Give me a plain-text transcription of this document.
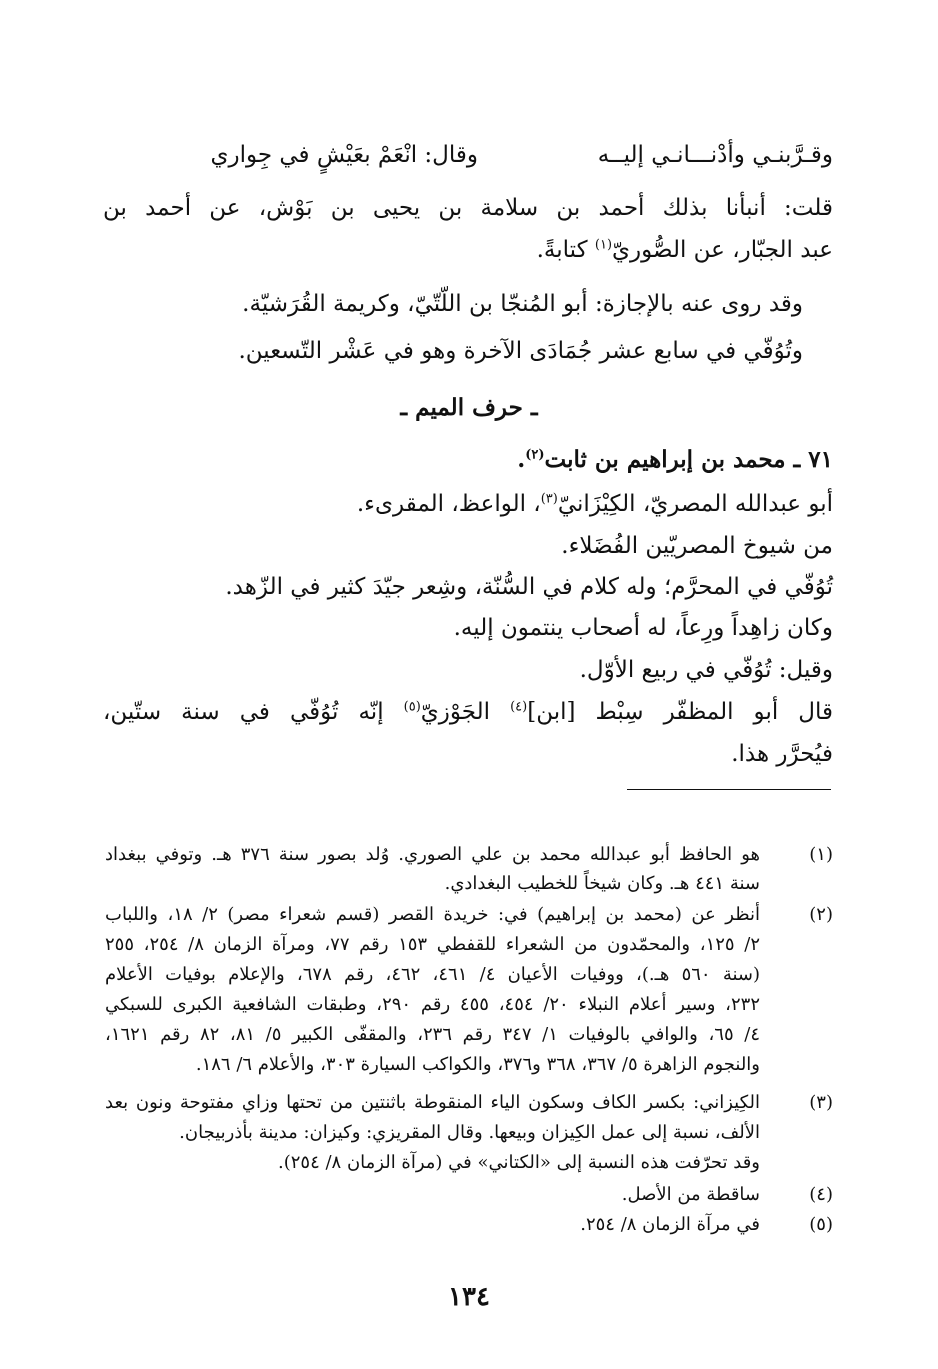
وقـرَّبنـي وأدْنـــانـي إليــه
وقال: انْعَمْ بعَيْشٍ في جِواري
قلت: أنبأنا بذلك أحمد بن سلامة بن يحيى بن بَوْش، عن أحمد بن
عبد الجبّار، عن الصُّوريّ$^{(١)}$ كتابةً.
وقد روى عنه بالإجازة: أبو المُنجّا بن اللّتّيّ، وكريمة القُرَشيّة.
وتُوُفّي في سابع عشر جُمَادَى الآخرة وهو في عَشْر التّسعين.
ـ حرف الميم ـ
٧١ ـ محمد بن إبراهيم بن ثابت$^{(٢)}$.
أبو عبدالله المصريّ، الكِيْزَانيّ$^{(٣)}$، الواعظ، المقرىء.
من شيوخ المصريّين الفُضَلاء.
تُوُفّي في المحرَّم؛ وله كلام في السُّنّة، وشِعر جيّدَ كثير في الزّهد.
وكان زاهِداً ورِعاً، له أصحاب ينتمون إليه.
وقيل: تُوُفّي في ربيع الأوّل.
قال أبو المظفّر سِبْط [ابن]$^{(٤)}$ الجَوْزيّ$^{(٥)}$ إنّه تُوُفّي في سنة ستّين،
فيُحرَّر هذا.
(١)
هو الحافظ أبو عبدالله محمد بن علي الصوري. وُلد بصور سنة ٣٧٦ هـ. وتوفي ببغداد
سنة ٤٤١ هـ. وكان شيخاً للخطيب البغدادي.
(٢)
أنظر عن (محمد بن إبراهيم) في: خريدة القصر (قسم شعراء مصر) ٢/ ١٨، واللباب
٢/ ١٢٥، والمحمّدون من الشعراء للقفطي ١٥٣ رقم ٧٧، ومرآة الزمان ٨/ ٢٥٤، ٢٥٥
(سنة ٥٦٠ هـ.)، ووفيات الأعيان ٤/ ٤٦١، ٤٦٢، رقم ٦٧٨، والإعلام بوفيات الأعلام
٢٣٢، وسير أعلام النبلاء ٢٠/ ٤٥٤، ٤٥٥ رقم ٢٩٠، وطبقات الشافعية الكبرى للسبكي
٤/ ٦٥، والوافي بالوفيات ١/ ٣٤٧ رقم ٢٣٦، والمقفّى الكبير ٥/ ٨١، ٨٢ رقم ١٦٢١،
والنجوم الزاهرة ٥/ ٣٦٧، ٣٦٨ و٣٧٦، والكواكب السيارة ٣٠٣، والأعلام ٦/ ١٨٦.
(٣)
الكِيزاني: بكسر الكاف وسكون الياء المنقوطة باثنتين من تحتها وزاي مفتوحة ونون بعد
الألف، نسبة إلى عمل الكِيزان وبيعها. وقال المقريزي: وكيزان: مدينة بأذربيجان.
وقد تحرّفت هذه النسبة إلى «الكتاني» في (مرآة الزمان ٨/ ٢٥٤).
(٤)
ساقطة من الأصل.
(٥)
في مرآة الزمان ٨/ ٢٥٤.
١٣٤
